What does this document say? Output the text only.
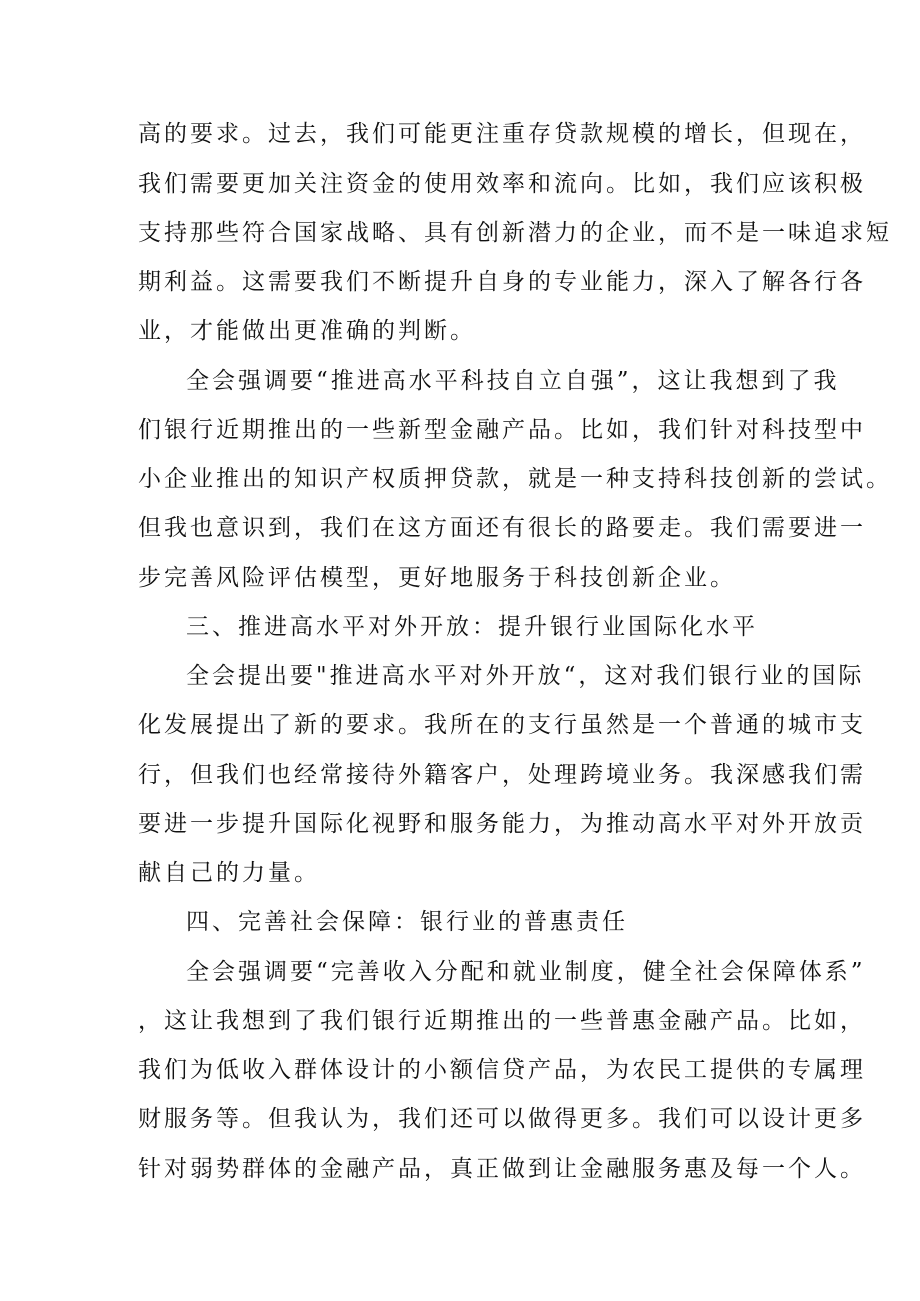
高的要求。过去，我们可能更注重存贷款规模的增长，但现在，
我们需要更加关注资金的使用效率和流向。比如，我们应该积极
支持那些符合国家战略、具有创新潜力的企业，而不是一味追求短
期利益。这需要我们不断提升自身的专业能力，深入了解各行各
业，才能做出更准确的判断。
全会强调要“推进高水平科技自立自强”，这让我想到了我
们银行近期推出的一些新型金融产品。比如，我们针对科技型中
小企业推出的知识产权质押贷款，就是一种支持科技创新的尝试。
但我也意识到，我们在这方面还有很长的路要走。我们需要进一
步完善风险评估模型，更好地服务于科技创新企业。
三、推进高水平对外开放：提升银行业国际化水平
全会提出要"推进高水平对外开放“，这对我们银行业的国际
化发展提出了新的要求。我所在的支行虽然是一个普通的城市支
行，但我们也经常接待外籍客户，处理跨境业务。我深感我们需
要进一步提升国际化视野和服务能力，为推动高水平对外开放贡
献自己的力量。
四、完善社会保障：银行业的普惠责任
全会强调要“完善收入分配和就业制度，健全社会保障体系”
，这让我想到了我们银行近期推出的一些普惠金融产品。比如，
我们为低收入群体设计的小额信贷产品，为农民工提供的专属理
财服务等。但我认为，我们还可以做得更多。我们可以设计更多
针对弱势群体的金融产品，真正做到让金融服务惠及每一个人。
